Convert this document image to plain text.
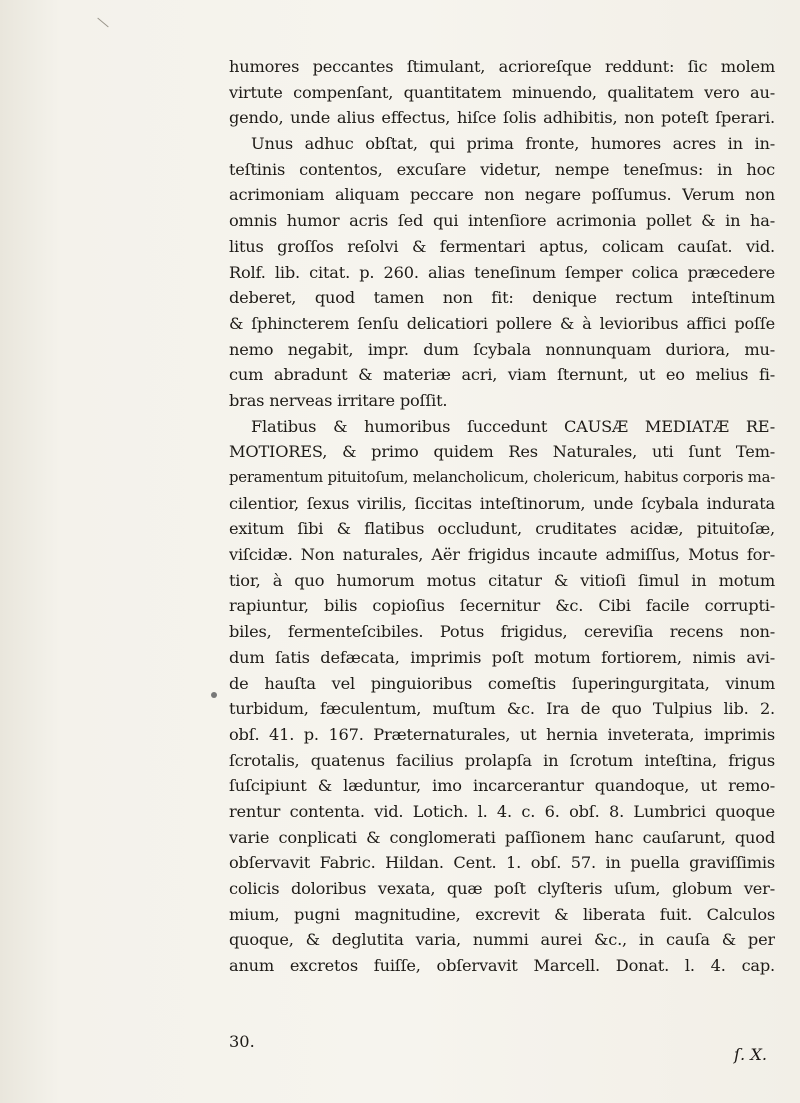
humores peccantes ſtimulant, acrioreſque reddunt: ſic molem
virtute compenſant, quantitatem minuendo, qualitatem vero au-
gendo, unde alius effectus, hiſce ſolis adhibitis, non poteſt ſperari.
Unus adhuc obſtat, qui prima fronte, humores acres in in-
teſtinis contentos, excuſare videtur, nempe teneſmus: in hoc
acrimoniam aliquam peccare non negare poſſumus. Verum non
omnis humor acris ſed qui intenſiore acrimonia pollet & in ha-
litus groſſos reſolvi & fermentari aptus, colicam cauſat. vid.
Rolf. lib. citat. p. 260. alias teneſinum ſemper colica præcedere
deberet, quod tamen non fit: denique rectum inteſtinum
& ſphincterem ſenſu delicatiori pollere & à levioribus affici poſſe
nemo negabit, impr. dum ſcybala nonnunquam duriora, mu-
cum abradunt & materiæ acri, viam ſternunt, ut eo melius fi-
bras nerveas irritare poſſit.
Flatibus & humoribus ſuccedunt CAUSÆ MEDIATÆ RE-
MOTIORES, & primo quidem Res Naturales, uti ſunt Tem-
peramentum pituitoſum, melancholicum, cholericum, habitus corporis ma-
cilentior, ſexus virilis, ſiccitas inteſtinorum, unde ſcybala indurata
exitum ſibi & flatibus occludunt, cruditates acidæ, pituitoſæ,
viſcidæ. Non naturales, Aër frigidus incaute admiſſus, Motus for-
tior, à quo humorum motus citatur & vitioſi ſimul in motum
rapiuntur, bilis copioſius ſecernitur &c. Cibi facile corrupti-
biles, fermenteſcibiles. Potus frigidus, cereviſia recens non-
dum ſatis defæcata, imprimis poſt motum fortiorem, nimis avi-
de hauſta vel pinguioribus comeſtis ſuperingurgitata, vinum
turbidum, fæculentum, muſtum &c. Ira de quo Tulpius lib. 2.
obſ. 41. p. 167. Præternaturales, ut hernia inveterata, imprimis
ſcrotalis, quatenus facilius prolapſa in ſcrotum inteſtina, frigus
ſuſcipiunt & læduntur, imo incarcerantur quandoque, ut remo-
rentur contenta. vid. Lotich. l. 4. c. 6. obſ. 8. Lumbrici quoque
varie conplicati & conglomerati paſſionem hanc cauſarunt, quod
obſervavit Fabric. Hildan. Cent. 1. obſ. 57. in puella graviſſimis
colicis doloribus vexata, quæ poſt clyſteris uſum, globum ver-
mium, pugni magnitudine, excrevit & liberata fuit. Calculos
quoque, & deglutita varia, nummi aurei &c., in cauſa & per
anum excretos fuiſſe, obſervavit Marcell. Donat. l. 4. cap.
30.
ſ. X.
